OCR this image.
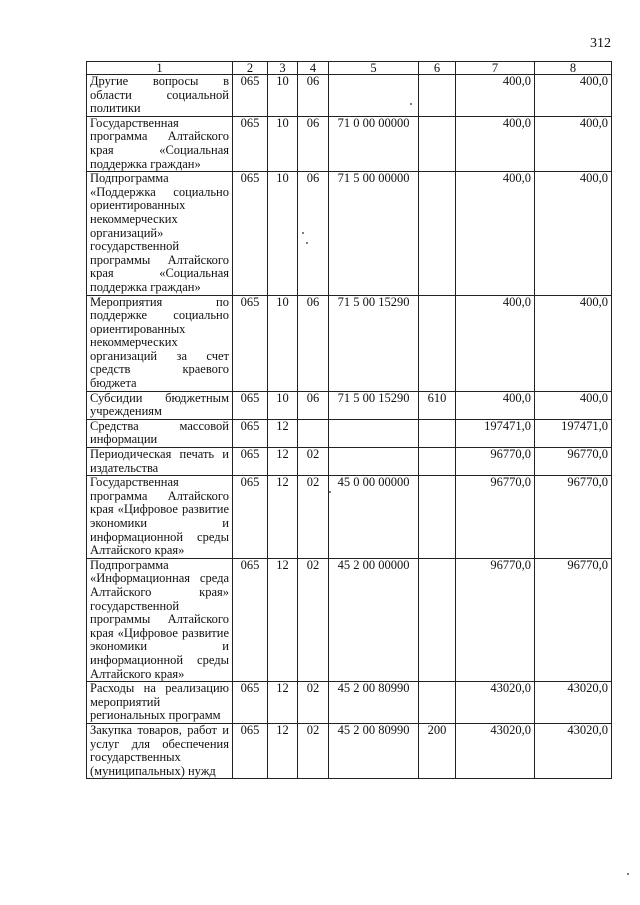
312
1	2	3	4	5	6	7	8
Другие вопросы в области социальной политики	065	10	06			400,0	400,0
Государственная программа Алтайского края «Социальная поддержка граждан»	065	10	06	71 0 00 00000		400,0	400,0
Подпрограмма «Поддержка социально ориентированных некоммерческих организаций» государственной программы Алтайского края «Социальная поддержка граждан»	065	10	06	71 5 00 00000		400,0	400,0
Мероприятия по поддержке социально ориентированных некоммерческих организаций за счет средств краевого бюджета	065	10	06	71 5 00 15290		400,0	400,0
Субсидии бюджетным учреждениям	065	10	06	71 5 00 15290	610	400,0	400,0
Средства массовой информации	065	12				197471,0	197471,0
Периодическая печать и издательства	065	12	02			96770,0	96770,0
Государственная программа Алтайского края «Цифровое развитие экономики и информационной среды Алтайского края»	065	12	02	45 0 00 00000		96770,0	96770,0
Подпрограмма «Информационная среда Алтайского края» государственной программы Алтайского края «Цифровое развитие экономики и информационной среды Алтайского края»	065	12	02	45 2 00 00000		96770,0	96770,0
Расходы на реализацию мероприятий региональных программ	065	12	02	45 2 00 80990		43020,0	43020,0
Закупка товаров, работ и услуг для обеспечения государственных (муниципальных) нужд	065	12	02	45 2 00 80990	200	43020,0	43020,0
